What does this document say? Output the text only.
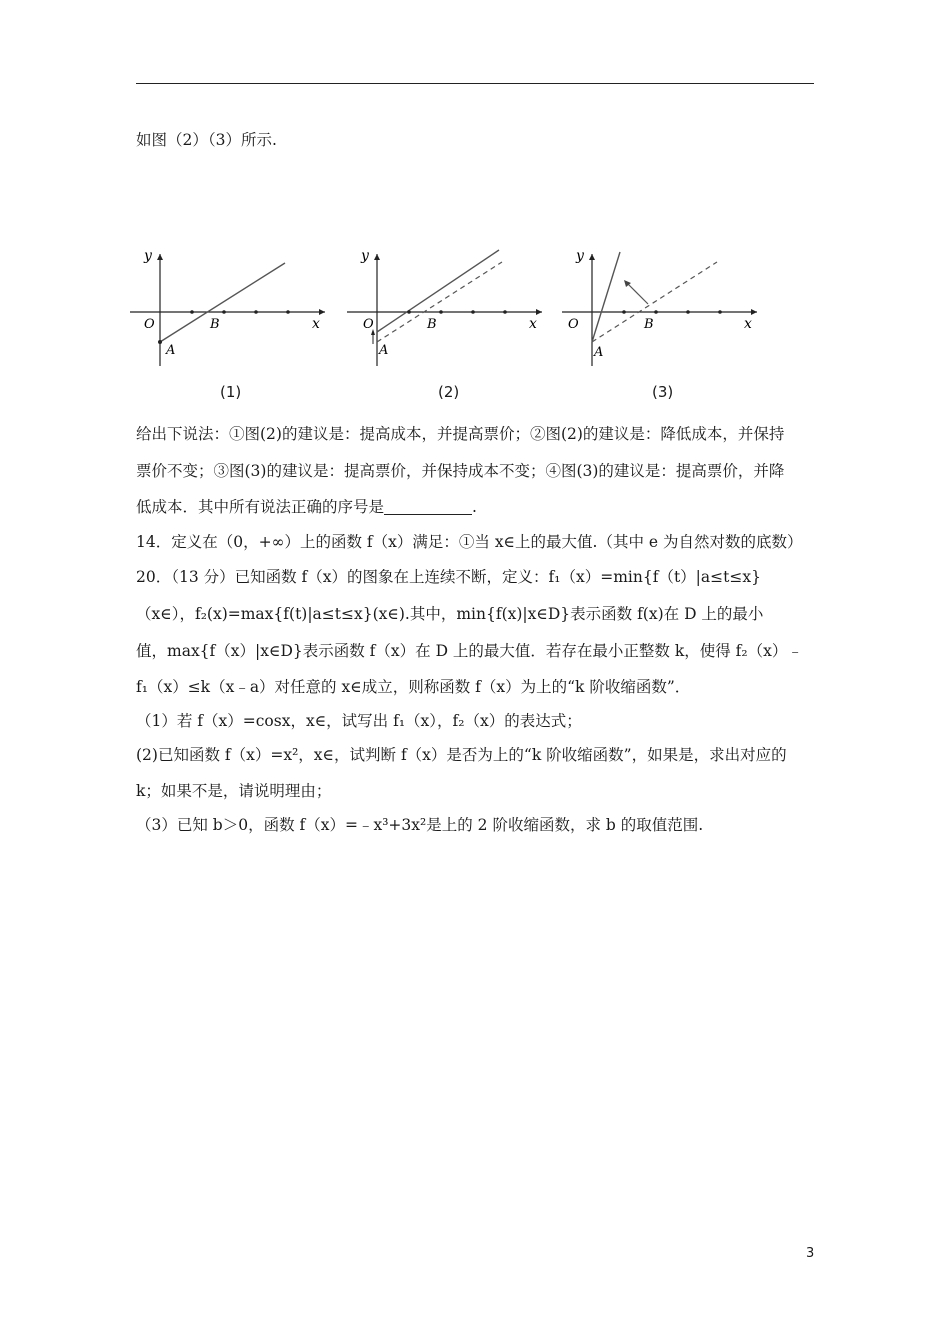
如图（2）（3）所示.
y
x
O
A
B
(1)
y
x
O
A
B
(2)
y
x
O
A
B
(3)
给出下说法：①图(2)的建议是：提高成本，并提高票价；②图(2)的建议是：降低成本，并保持
票价不变；③图(3)的建议是：提高票价，并保持成本不变；④图(3)的建议是：提高票价，并降
低成本．其中所有说法正确的序号是	.
14．定义在（0，+∞）上的函数 f（x）满足：①当 x∈上的最大值.（其中 e 为自然对数的底数）
20．（13 分）已知函数 f（x）的图象在上连续不断，定义：f₁（x）=min{f（t）|a≤t≤x}
（x∈），f₂(x)=max{f(t)|a≤t≤x}(x∈).其中，min{f(x)|x∈D}表示函数 f(x)在 D 上的最小
值，max{f（x）|x∈D}表示函数 f（x）在 D 上的最大值．若存在最小正整数 k，使得 f₂（x）﹣
f₁（x）≤k（x﹣a）对任意的 x∈成立，则称函数 f（x）为上的“k 阶收缩函数”．
（1）若 f（x）=cosx，x∈，试写出 f₁（x），f₂（x）的表达式；
(2)已知函数 f（x）=x²，x∈，试判断 f（x）是否为上的“k 阶收缩函数”，如果是，求出对应的
k；如果不是，请说明理由；
（3）已知 b＞0，函数 f（x）=﹣x³+3x²是上的 2 阶收缩函数，求 b 的取值范围.
3
